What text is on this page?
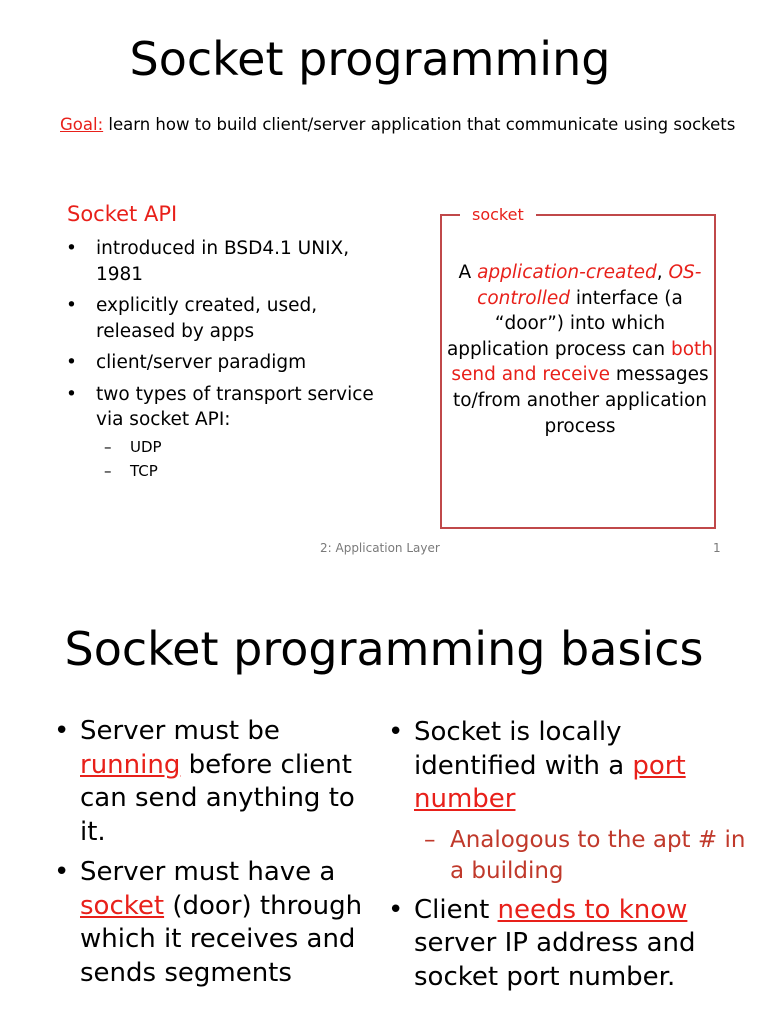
Socket programming
Goal: learn how to build client/server application that communicate using sockets
Socket API
• introduced in BSD4.1 UNIX, 1981
• explicitly created, used, released by apps
• client/server paradigm
• two types of transport service via socket API:
– UDP
– TCP
socket
A application-created, OS-controlled interface (a “door”) into which application process can both send and receive messages to/from another application process
2: Application Layer	1
Socket programming basics
• Server must be running before client can send anything to it.
• Server must have a socket (door) through which it receives and sends segments
• Socket is locally identified with a port number
– Analogous to the apt # in a building
• Client needs to know server IP address and socket port number.
